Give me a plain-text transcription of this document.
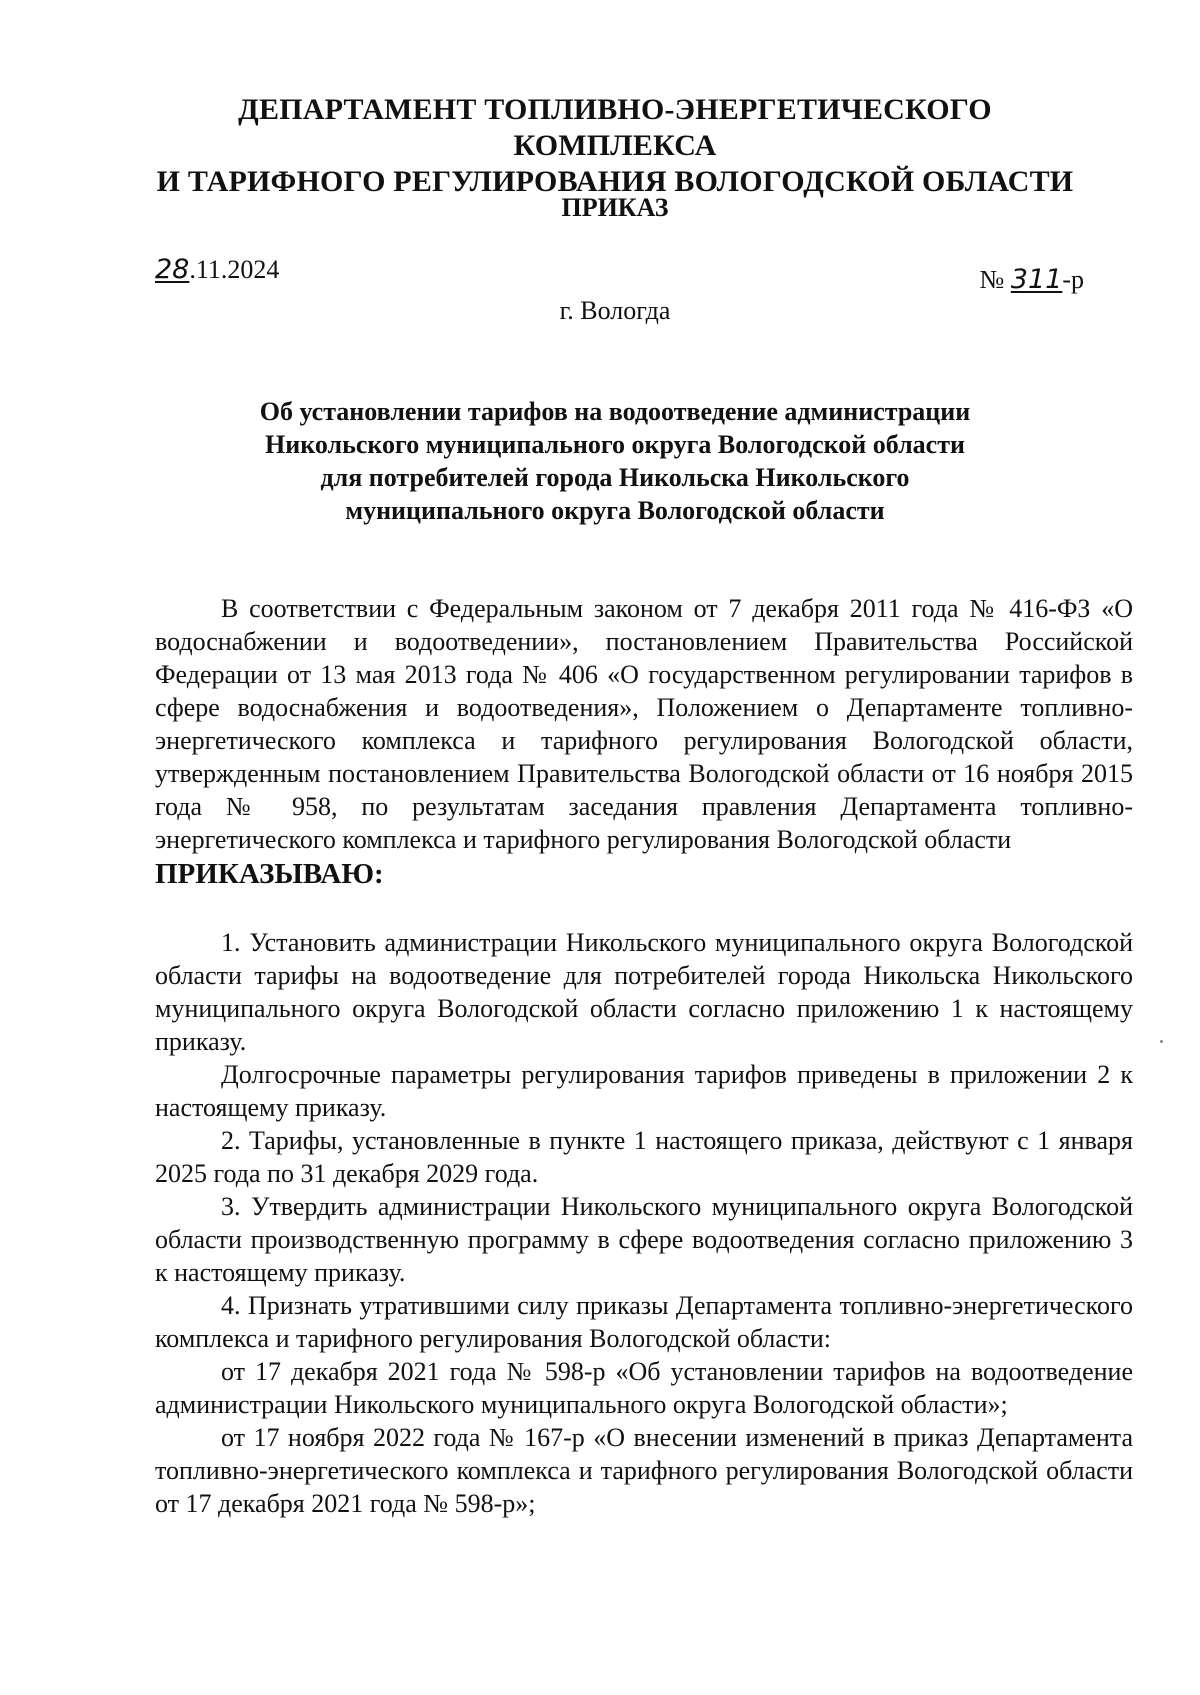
ДЕПАРТАМЕНТ ТОПЛИВНО-ЭНЕРГЕТИЧЕСКОГО КОМПЛЕКСА
И ТАРИФНОГО РЕГУЛИРОВАНИЯ ВОЛОГОДСКОЙ ОБЛАСТИ
ПРИКАЗ
28.11.2024	№ 311-р
г. Вологда
Об установлении тарифов на водоотведение администрации
Никольского муниципального округа Вологодской области
для потребителей города Никольска Никольского
муниципального округа Вологодской области

В соответствии с Федеральным законом от 7 декабря 2011 года № 416-ФЗ «О водоснабжении и водоотведении», постановлением Правительства Российской Федерации от 13 мая 2013 года № 406 «О государственном регулировании тарифов в сфере водоснабжения и водоотведения», Положением о Департаменте топливно-энергетического комплекса и тарифного регулирования Вологодской области, утвержденным постановлением Правительства Вологодской области от 16 ноября 2015 года № 958, по результатам заседания правления Департамента топливно-энергетического комплекса и тарифного регулирования Вологодской области

ПРИКАЗЫВАЮ:

1. Установить администрации Никольского муниципального округа Вологодской области тарифы на водоотведение для потребителей города Никольска Никольского муниципального округа Вологодской области согласно приложению 1 к настоящему приказу.

Долгосрочные параметры регулирования тарифов приведены в приложении 2 к настоящему приказу.

2. Тарифы, установленные в пункте 1 настоящего приказа, действуют с 1 января 2025 года по 31 декабря 2029 года.

3. Утвердить администрации Никольского муниципального округа Вологодской области производственную программу в сфере водоотведения согласно приложению 3 к настоящему приказу.

4. Признать утратившими силу приказы Департамента топливно-энергетического комплекса и тарифного регулирования Вологодской области:

от 17 декабря 2021 года № 598-р «Об установлении тарифов на водоотведение администрации Никольского муниципального округа Вологодской области»;

от 17 ноября 2022 года № 167-р «О внесении изменений в приказ Департамента топливно-энергетического комплекса и тарифного регулирования Вологодской области от 17 декабря 2021 года № 598-р»;
